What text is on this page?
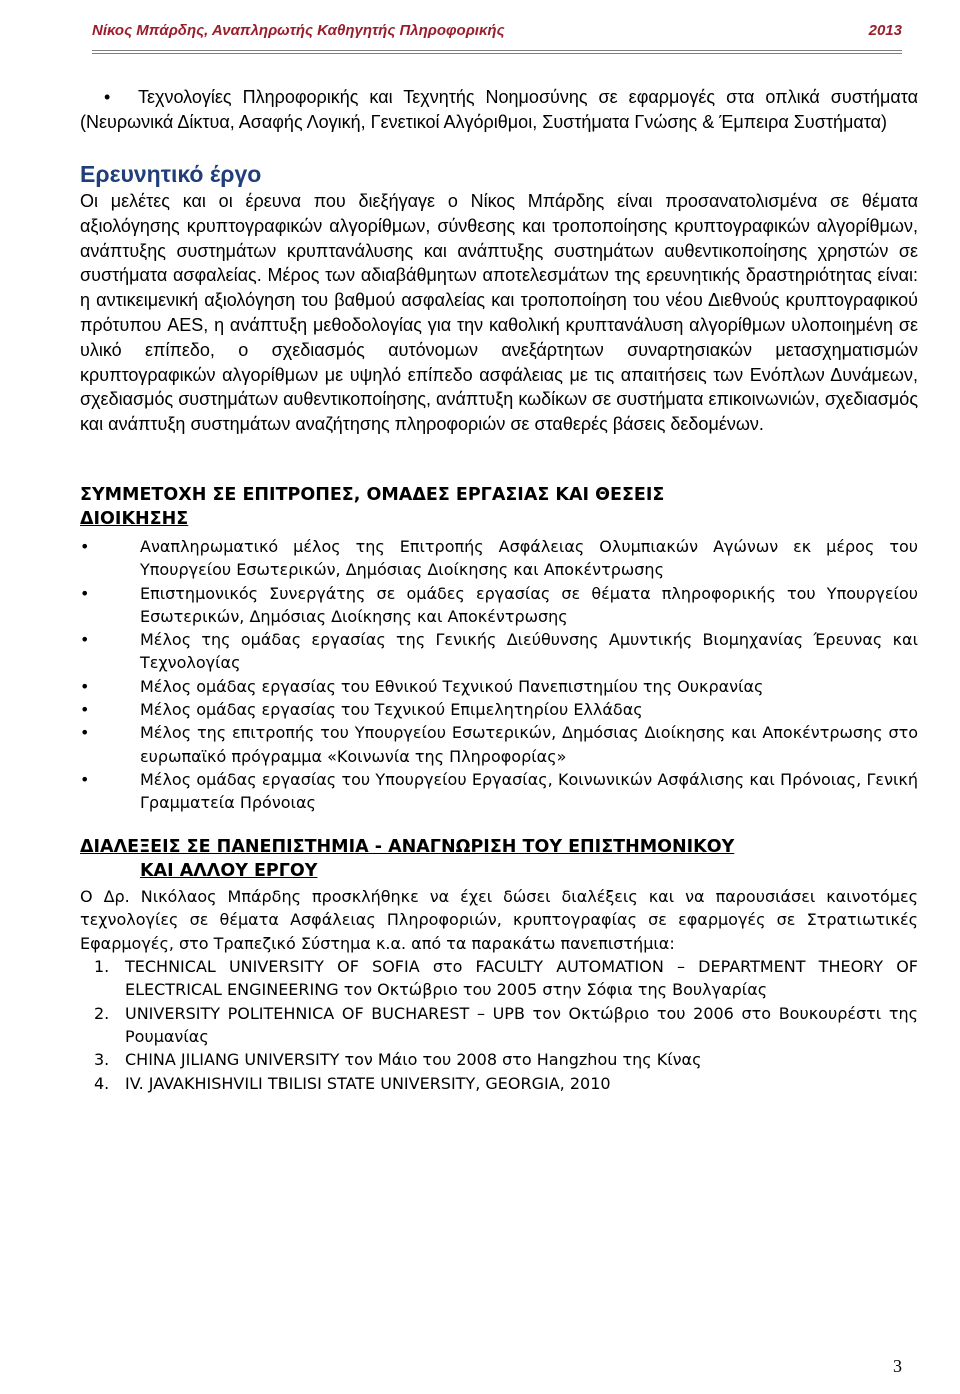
Νίκος Μπάρδης, Αναπληρωτής Καθηγητής Πληροφορικής	2013
• Τεχνολογίες Πληροφορικής και Τεχνητής Νοημοσύνης σε εφαρμογές στα οπλικά συστήματα (Νευρωνικά Δίκτυα, Ασαφής Λογική, Γενετικοί Αλγόριθμοι, Συστήματα Γνώσης & Έμπειρα Συστήματα)
Ερευνητικό έργο
Οι μελέτες και οι έρευνα που διεξήγαγε ο Νίκος Μπάρδης είναι προσανατολισμένα σε θέματα αξιολόγησης κρυπτογραφικών αλγορίθμων, σύνθεσης και τροποποίησης κρυπτογραφικών αλγορίθμων, ανάπτυξης συστημάτων κρυπτανάλυσης και ανάπτυξης συστημάτων αυθεντικοποίησης χρηστών σε συστήματα ασφαλείας. Μέρος των αδιαβάθμητων αποτελεσμάτων της ερευνητικής δραστηριότητας είναι: η αντικειμενική αξιολόγηση του βαθμού ασφαλείας και τροποποίηση του νέου Διεθνούς κρυπτογραφικού πρότυπου AES, η ανάπτυξη μεθοδολογίας για την καθολική κρυπτανάλυση αλγορίθμων υλοποιημένη σε υλικό επίπεδο, ο σχεδιασμός αυτόνομων ανεξάρτητων συναρτησιακών μετασχηματισμών κρυπτογραφικών αλγορίθμων με υψηλό επίπεδο ασφάλειας με τις απαιτήσεις των Ενόπλων Δυνάμεων, σχεδιασμός συστημάτων αυθεντικοποίησης, ανάπτυξη κωδίκων σε συστήματα επικοινωνιών, σχεδιασμός και ανάπτυξη συστημάτων αναζήτησης πληροφοριών σε σταθερές βάσεις δεδομένων.
ΣΥΜΜΕΤΟΧΗ ΣΕ ΕΠΙΤΡΟΠΕΣ, ΟΜΑΔΕΣ ΕΡΓΑΣΙΑΣ ΚΑΙ ΘΕΣΕΙΣ
ΔΙΟΙΚΗΣΗΣ
•	Αναπληρωματικό μέλος της Επιτροπής Ασφάλειας Ολυμπιακών Αγώνων εκ μέρος του Υπουργείου Εσωτερικών, Δημόσιας Διοίκησης και Αποκέντρωσης
•	Επιστημονικός Συνεργάτης σε ομάδες εργασίας σε θέματα πληροφορικής του Υπουργείου Εσωτερικών, Δημόσιας Διοίκησης και Αποκέντρωσης
•	Μέλος της ομάδας εργασίας της Γενικής Διεύθυνσης Αμυντικής Βιομηχανίας Έρευνας και Τεχνολογίας
•	Μέλος ομάδας εργασίας του Εθνικού Τεχνικού Πανεπιστημίου της Ουκρανίας
•	Μέλος ομάδας εργασίας του Τεχνικού Επιμελητηρίου Ελλάδας
•	Μέλος της επιτροπής του Υπουργείου Εσωτερικών, Δημόσιας Διοίκησης και Αποκέντρωσης στο ευρωπαϊκό πρόγραμμα «Κοινωνία της Πληροφορίας»
•	Μέλος ομάδας εργασίας του Υπουργείου Εργασίας, Κοινωνικών Ασφάλισης και Πρόνοιας, Γενική Γραμματεία Πρόνοιας
ΔΙΑΛΕΞΕΙΣ ΣΕ ΠΑΝΕΠΙΣΤΗΜΙΑ - ΑΝΑΓΝΩΡΙΣΗ ΤΟΥ ΕΠΙΣΤΗΜΟΝΙΚΟΥ
ΚΑΙ ΑΛΛΟΥ ΕΡΓΟΥ
Ο Δρ. Νικόλαος Μπάρδης προσκλήθηκε να έχει δώσει διαλέξεις και να παρουσιάσει καινοτόμες τεχνολογίες σε θέματα Ασφάλειας Πληροφοριών, κρυπτογραφίας σε εφαρμογές σε Στρατιωτικές Εφαρμογές, στο Τραπεζικό Σύστημα κ.α. από τα παρακάτω πανεπιστήμια:
1. TECHNICAL UNIVERSITY OF SOFIA στο FACULTY AUTOMATION – DEPARTMENT THEORY OF ELECTRICAL ENGINEERING τον Οκτώβριο του 2005 στην Σόφια της Βουλγαρίας
2. UNIVERSITY POLITEHNICA OF BUCHAREST – UPB τον Οκτώβριο του 2006 στο Βουκουρέστι της Ρουμανίας
3. CHINA JILIANG UNIVERSITY τον Μάιο του 2008 στο Hangzhou της Κίνας
4. IV. JAVAKHISHVILI TBILISI STATE UNIVERSITY, GEORGIA, 2010
3
